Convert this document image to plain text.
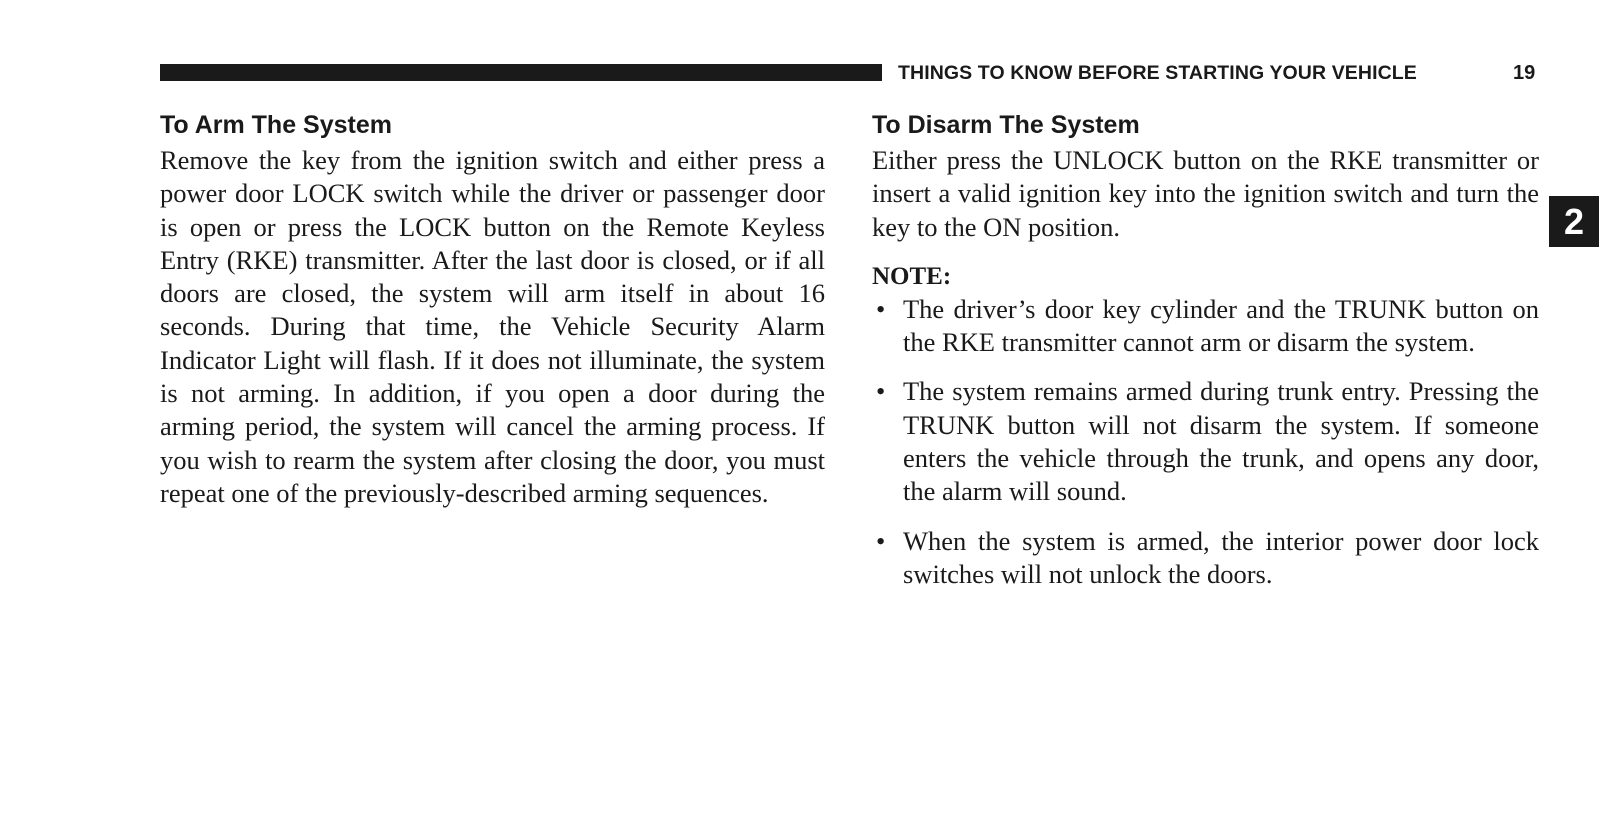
THINGS TO KNOW BEFORE STARTING YOUR VEHICLE	19
2
To Arm The System

Remove the key from the ignition switch and either press a power door LOCK switch while the driver or passenger door is open or press the LOCK button on the Remote Keyless Entry (RKE) transmitter. After the last door is closed, or if all doors are closed, the system will arm itself in about 16 seconds. During that time, the Vehicle Security Alarm Indicator Light will flash. If it does not illuminate, the system is not arming. In addition, if you open a door during the arming period, the system will cancel the arming process. If you wish to rearm the system after closing the door, you must repeat one of the previously-described arming sequences.

To Disarm The System

Either press the UNLOCK button on the RKE transmitter or insert a valid ignition key into the ignition switch and turn the key to the ON position.

NOTE:
• The driver’s door key cylinder and the TRUNK button on the RKE transmitter cannot arm or disarm the system.
• The system remains armed during trunk entry. Pressing the TRUNK button will not disarm the system. If someone enters the vehicle through the trunk, and opens any door, the alarm will sound.
• When the system is armed, the interior power door lock switches will not unlock the doors.
